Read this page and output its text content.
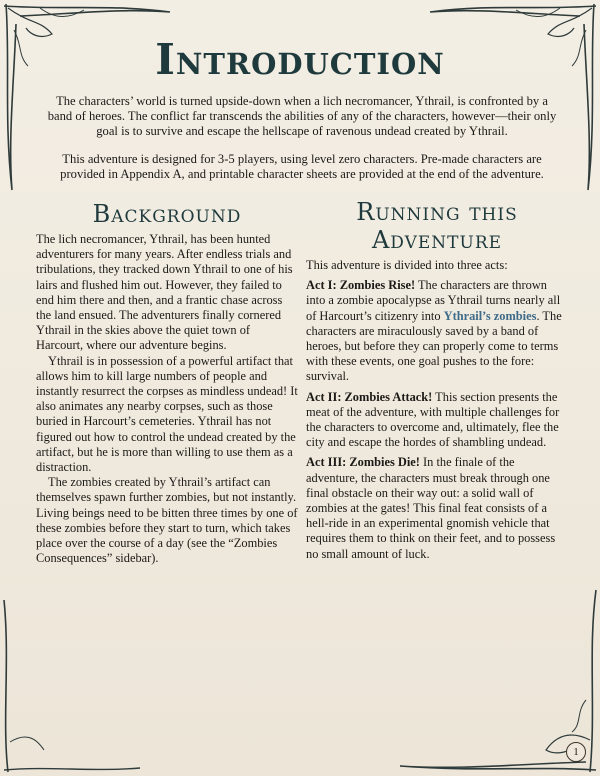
Introduction

The characters’ world is turned upside-down when a lich necromancer, Ythrail, is confronted by a band of heroes. The conflict far transcends the abilities of any of the characters, however—their only goal is to survive and escape the hellscape of ravenous undead created by Ythrail.

This adventure is designed for 3-5 players, using level zero characters. Pre-made characters are provided in Appendix A, and printable character sheets are provided at the end of the adventure.

Background

The lich necromancer, Ythrail, has been hunted adventurers for many years. After endless trials and tribulations, they tracked down Ythrail to one of his lairs and flushed him out. However, they failed to end him there and then, and a frantic chase across the land ensued. The adventurers finally cornered Ythrail in the skies above the quiet town of Harcourt, where our adventure begins.

Ythrail is in possession of a powerful artifact that allows him to kill large numbers of people and instantly resurrect the corpses as mindless undead! It also animates any nearby corpses, such as those buried in Harcourt’s cemeteries. Ythrail has not figured out how to control the undead created by the artifact, but he is more than willing to use them as a distraction.

The zombies created by Ythrail’s artifact can themselves spawn further zombies, but not instantly. Living beings need to be bitten three times by one of these zombies before they start to turn, which takes place over the course of a day (see the “Zombies Consequences” sidebar).

Running this Adventure

This adventure is divided into three acts:

Act I: Zombies Rise! The characters are thrown into a zombie apocalypse as Ythrail turns nearly all of Harcourt’s citizenry into Ythrail’s zombies. The characters are miraculously saved by a band of heroes, but before they can properly come to terms with these events, one goal pushes to the fore: survival.

Act II: Zombies Attack! This section presents the meat of the adventure, with multiple challenges for the characters to overcome and, ultimately, flee the city and escape the hordes of shambling undead.

Act III: Zombies Die! In the finale of the adventure, the characters must break through one final obstacle on their way out: a solid wall of zombies at the gates! This final feat consists of a hell-ride in an experimental gnomish vehicle that requires them to think on their feet, and to possess no small amount of luck.

1
